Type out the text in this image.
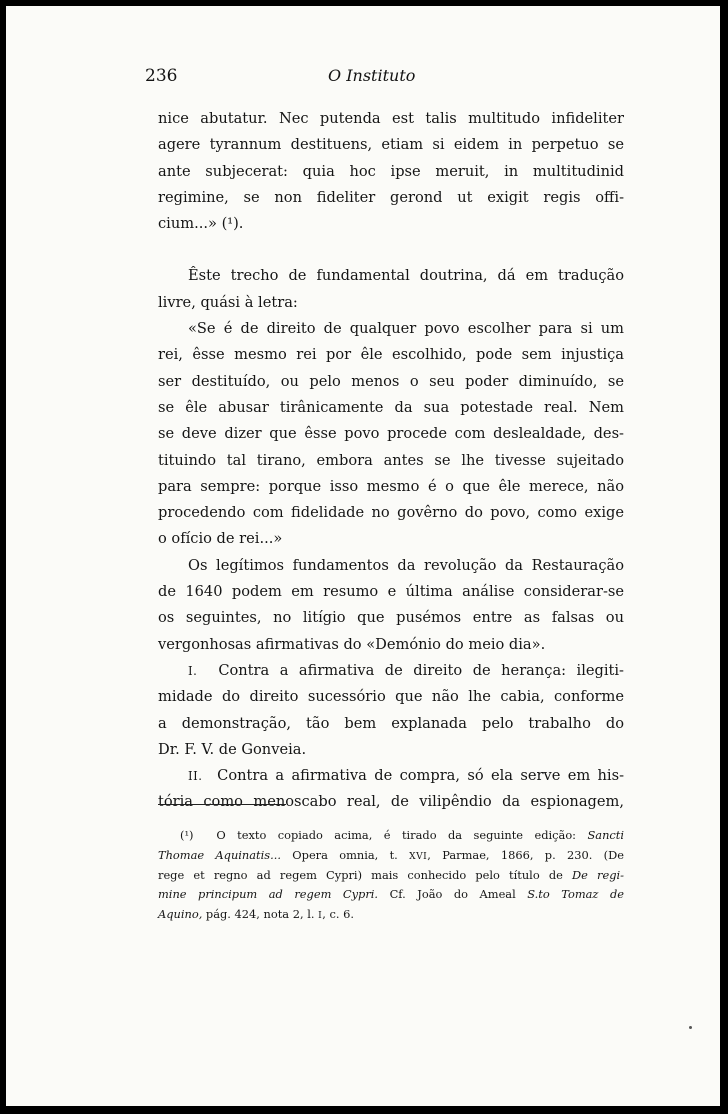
236	O Instituto
nice abutatur. Nec putenda est talis multitudo infideliter
agere tyrannum destituens, etiam si eidem in perpetuo se
ante subjecerat: quia hoc ipse meruit, in multitudinid
regimine, se non fideliter gerond ut exigit regis offi-
cium...» (¹).
Êste trecho de fundamental doutrina, dá em tradução
livre, quási à letra:
«Se é de direito de qualquer povo escolher para si um
rei, êsse mesmo rei por êle escolhido, pode sem injustiça
ser destituído, ou pelo menos o seu poder diminuído, se
se êle abusar tirânicamente da sua potestade real. Nem
se deve dizer que êsse povo procede com deslealdade, des-
tituindo tal tirano, embora antes se lhe tivesse sujeitado
para sempre: porque isso mesmo é o que êle merece, não
procedendo com fidelidade no govêrno do povo, como exige
o ofício de rei...»
Os legítimos fundamentos da revolução da Restauração
de 1640 podem em resumo e última análise considerar-se
os seguintes, no litígio que pusémos entre as falsas ou
vergonhosas afirmativas do «Demónio do meio dia».
I. Contra a afirmativa de direito de herança: ilegiti-
midade do direito sucessório que não lhe cabia, conforme
a demonstração, tão bem explanada pelo trabalho do
Dr. F. V. de Gonveia.
II. Contra a afirmativa de compra, só ela serve em his-
tória como menoscabo real, de vilipêndio da espionagem,
(¹) O texto copiado acima, é tirado da seguinte edição: Sancti
Thomae Aquinatis... Opera omnia, t. XVI, Parmae, 1866, p. 230. (De
rege et regno ad regem Cypri) mais conhecido pelo título de De regi-
mine principum ad regem Cypri. Cf. João do Ameal S.to Tomaz de
Aquino, pág. 424, nota 2, l. I, c. 6.
